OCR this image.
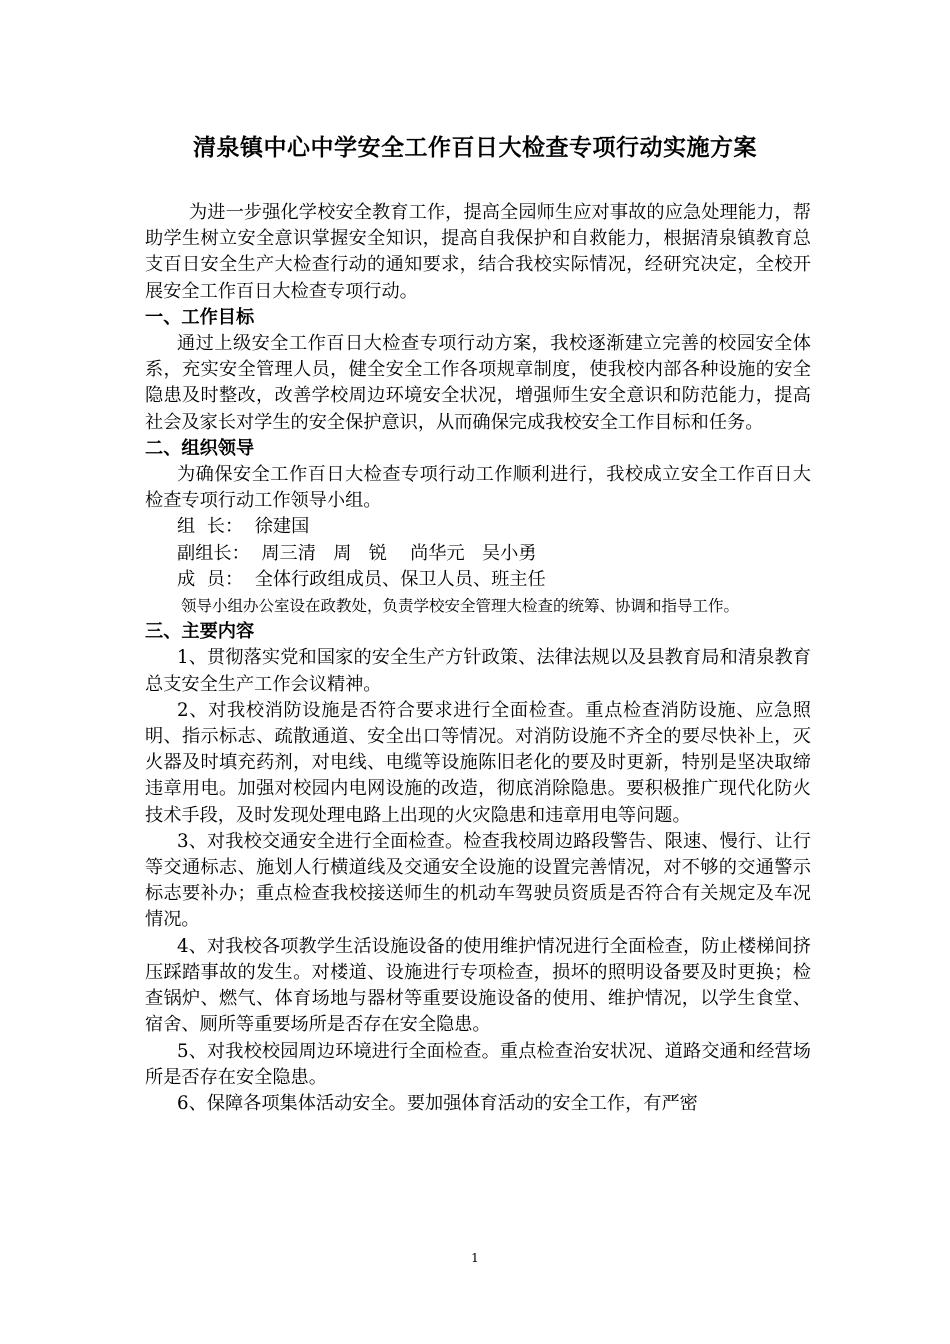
清泉镇中心中学安全工作百日大检查专项行动实施方案

为进一步强化学校安全教育工作，提高全园师生应对事故的应急处理能力，帮助学生树立安全意识掌握安全知识，提高自我保护和自救能力，根据清泉镇教育总支百日安全生产大检查行动的通知要求，结合我校实际情况，经研究决定，全校开展安全工作百日大检查专项行动。

一、工作目标

通过上级安全工作百日大检查专项行动方案，我校逐渐建立完善的校园安全体系，充实安全管理人员，健全安全工作各项规章制度，使我校内部各种设施的安全隐患及时整改，改善学校周边环境安全状况，增强师生安全意识和防范能力，提高社会及家长对学生的安全保护意识，从而确保完成我校安全工作目标和任务。

二、组织领导

为确保安全工作百日大检查专项行动工作顺利进行，我校成立安全工作百日大检查专项行动工作领导小组。

组  长：  徐建国

副组长：  周三清   周   锐    尚华元   吴小勇

成  员：  全体行政组成员、保卫人员、班主任

领导小组办公室设在政教处，负责学校安全管理大检查的统筹、协调和指导工作。

三、主要内容

1、贯彻落实党和国家的安全生产方针政策、法律法规以及县教育局和清泉教育总支安全生产工作会议精神。

2、对我校消防设施是否符合要求进行全面检查。重点检查消防设施、应急照明、指示标志、疏散通道、安全出口等情况。对消防设施不齐全的要尽快补上，灭火器及时填充药剂，对电线、电缆等设施陈旧老化的要及时更新，特别是坚决取缔违章用电。加强对校园内电网设施的改造，彻底消除隐患。要积极推广现代化防火技术手段，及时发现处理电路上出现的火灾隐患和违章用电等问题。

3、对我校交通安全进行全面检查。检查我校周边路段警告、限速、慢行、让行等交通标志、施划人行横道线及交通安全设施的设置完善情况，对不够的交通警示标志要补办；重点检查我校接送师生的机动车驾驶员资质是否符合有关规定及车况情况。

4、对我校各项教学生活设施设备的使用维护情况进行全面检查，防止楼梯间挤压踩踏事故的发生。对楼道、设施进行专项检查，损坏的照明设备要及时更换；检查锅炉、燃气、体育场地与器材等重要设施设备的使用、维护情况，以学生食堂、宿舍、厕所等重要场所是否存在安全隐患。

5、对我校校园周边环境进行全面检查。重点检查治安状况、道路交通和经营场所是否存在安全隐患。

6、保障各项集体活动安全。要加强体育活动的安全工作，有严密

1
